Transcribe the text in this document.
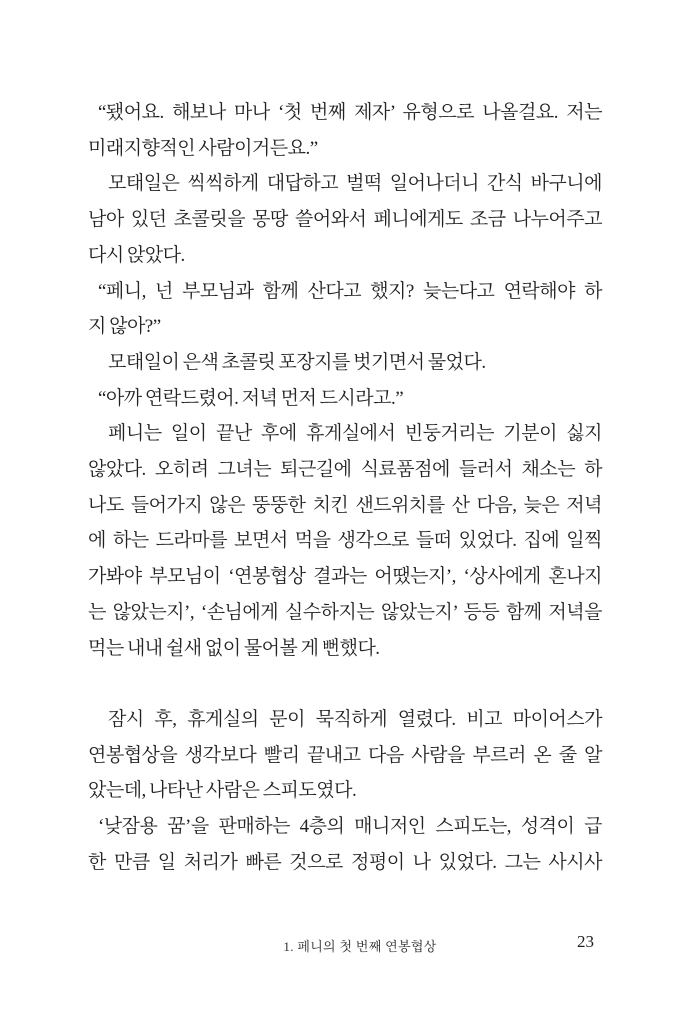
“됐어요. 해보나 마나 ‘첫 번째 제자’ 유형으로 나올걸요. 저는
미래지향적인 사람이거든요.”
모태일은 씩씩하게 대답하고 벌떡 일어나더니 간식 바구니에
남아 있던 초콜릿을 몽땅 쓸어와서 페니에게도 조금 나누어주고
다시 앉았다.
“페니, 넌 부모님과 함께 산다고 했지? 늦는다고 연락해야 하
지 않아?”
모태일이 은색 초콜릿 포장지를 벗기면서 물었다.
“아까 연락드렸어. 저녁 먼저 드시라고.”
페니는 일이 끝난 후에 휴게실에서 빈둥거리는 기분이 싫지
않았다. 오히려 그녀는 퇴근길에 식료품점에 들러서 채소는 하
나도 들어가지 않은 뚱뚱한 치킨 샌드위치를 산 다음, 늦은 저녁
에 하는 드라마를 보면서 먹을 생각으로 들떠 있었다. 집에 일찍
가봐야 부모님이 ‘연봉협상 결과는 어땠는지’, ‘상사에게 혼나지
는 않았는지’, ‘손님에게 실수하지는 않았는지’ 등등 함께 저녁을
먹는 내내 쉴새 없이 물어볼 게 뻔했다.
잠시 후, 휴게실의 문이 묵직하게 열렸다. 비고 마이어스가
연봉협상을 생각보다 빨리 끝내고 다음 사람을 부르러 온 줄 알
았는데, 나타난 사람은 스피도였다.
‘낮잠용 꿈’을 판매하는 4층의 매니저인 스피도는, 성격이 급
한 만큼 일 처리가 빠른 것으로 정평이 나 있었다. 그는 사시사
1. 페니의 첫 번째 연봉협상	23
